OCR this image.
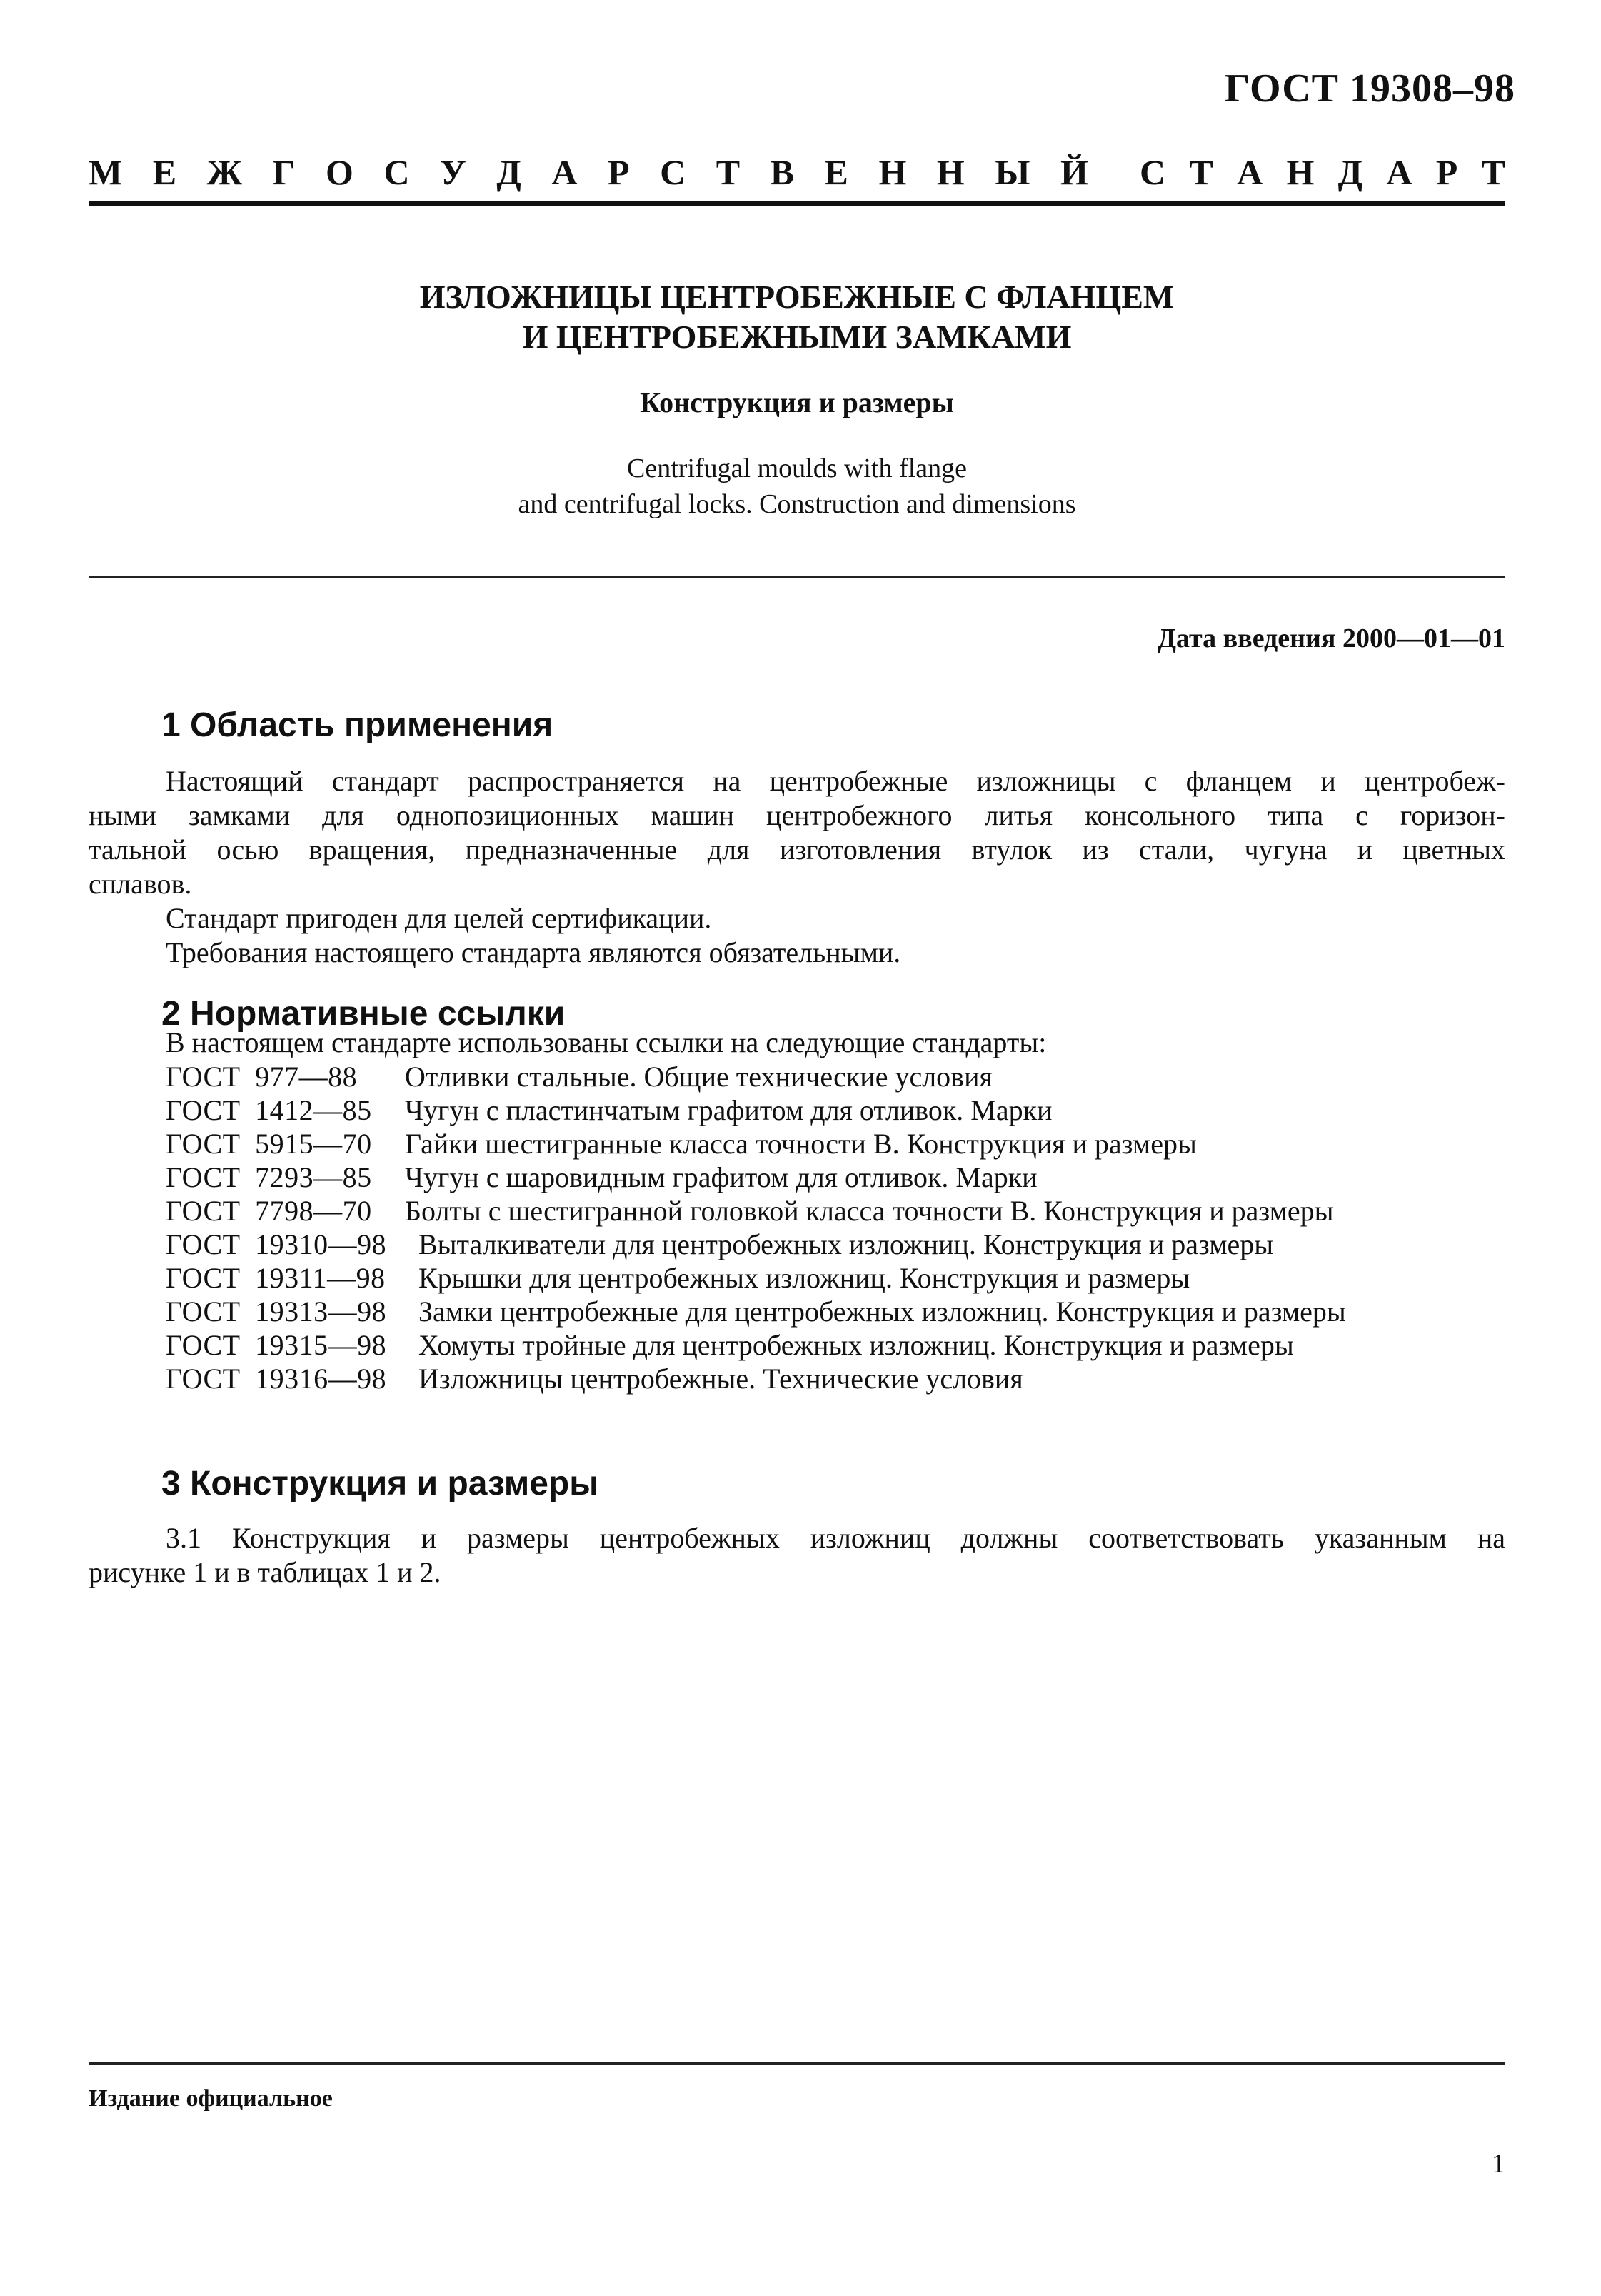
ГОСТ 19308–98
М Е Ж Г О С У Д А Р С Т В Е Н Н Ы Й С Т А Н Д А Р Т
ИЗЛОЖНИЦЫ ЦЕНТРОБЕЖНЫЕ С ФЛАНЦЕМ
И ЦЕНТРОБЕЖНЫМИ ЗАМКАМИ
Конструкция и размеры
Centrifugal moulds with flange
and centrifugal locks. Construction and dimensions
Дата введения 2000—01—01
1 Область применения
Настоящий стандарт распространяется на центробежные изложницы с фланцем и центробеж-
ными замками для однопозиционных машин центробежного литья консольного типа с горизон-
тальной осью вращения, предназначенные для изготовления втулок из стали, чугуна и цветных
сплавов.
Стандарт пригоден для целей сертификации.
Требования настоящего стандарта являются обязательными.
2 Нормативные ссылки
В настоящем стандарте использованы ссылки на следующие стандарты:
ГОСТ 977—88	Отливки стальные. Общие технические условия
ГОСТ 1412—85	Чугун с пластинчатым графитом для отливок. Марки
ГОСТ 5915—70	Гайки шестигранные класса точности В. Конструкция и размеры
ГОСТ 7293—85	Чугун с шаровидным графитом для отливок. Марки
ГОСТ 7798—70	Болты с шестигранной головкой класса точности В. Конструкция и размеры
ГОСТ 19310—98	Выталкиватели для центробежных изложниц. Конструкция и размеры
ГОСТ 19311—98	Крышки для центробежных изложниц. Конструкция и размеры
ГОСТ 19313—98	Замки центробежные для центробежных изложниц. Конструкция и размеры
ГОСТ 19315—98	Хомуты тройные для центробежных изложниц. Конструкция и размеры
ГОСТ 19316—98	Изложницы центробежные. Технические условия
3 Конструкция и размеры
3.1 Конструкция и размеры центробежных изложниц должны соответствовать указанным на
рисунке 1 и в таблицах 1 и 2.
Издание официальное
1
